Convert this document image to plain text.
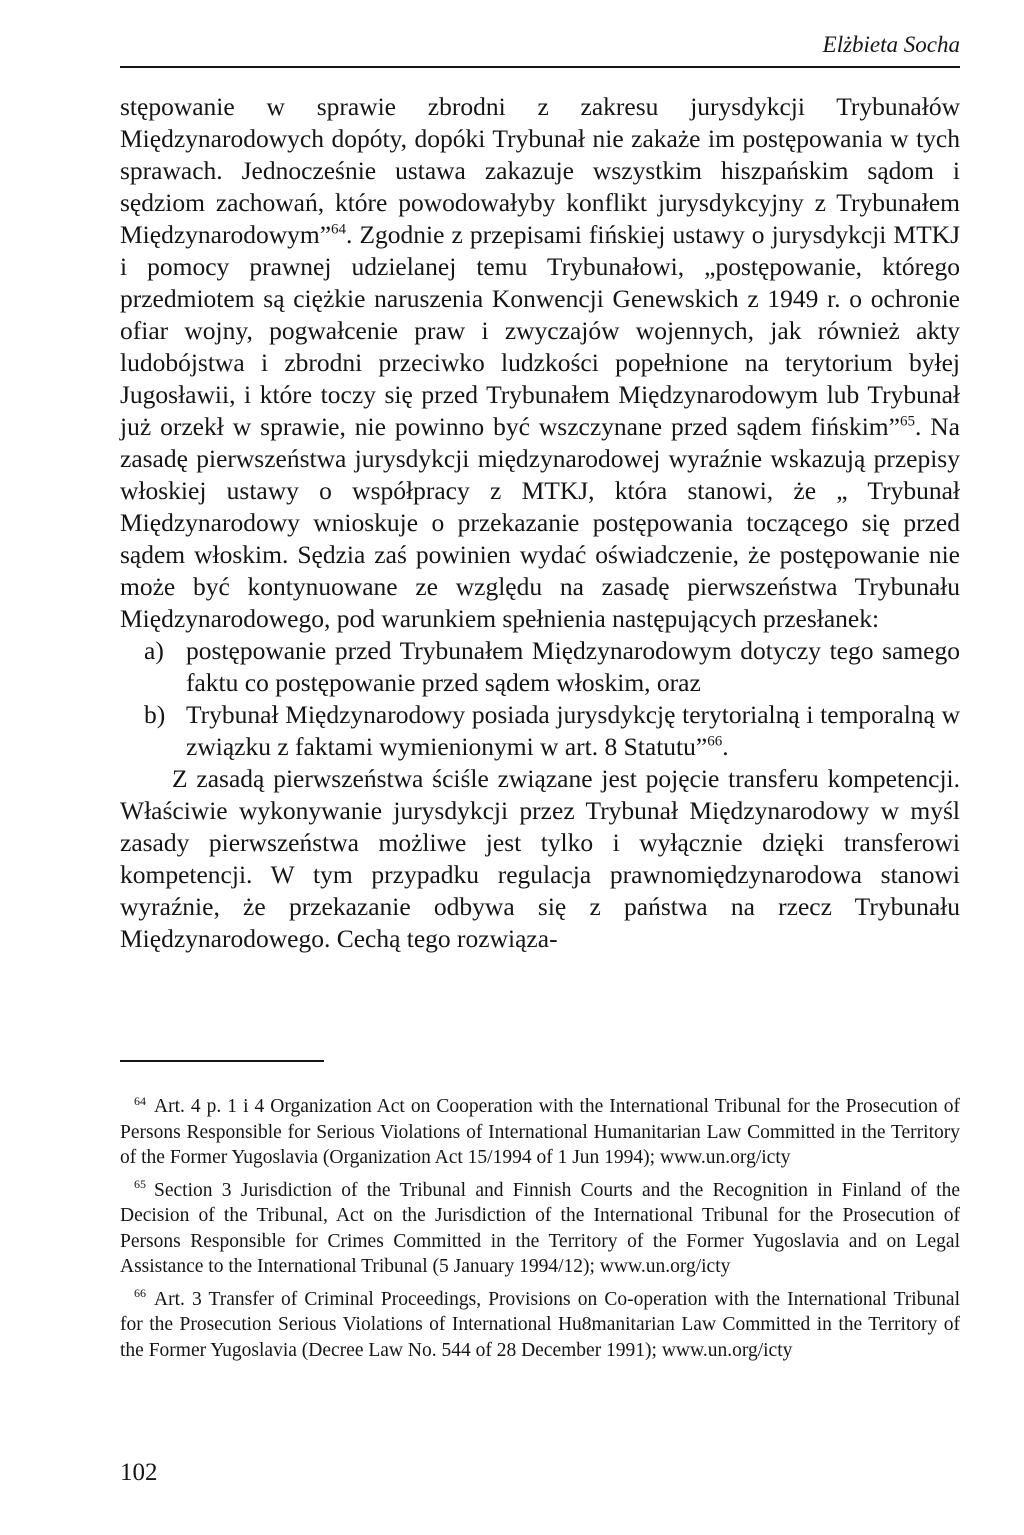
Elżbieta Socha

stępowanie w sprawie zbrodni z zakresu jurysdykcji Trybunałów Międzynarodowych dopóty, dopóki Trybunał nie zakaże im postępowania w tych sprawach. Jednocześnie ustawa zakazuje wszystkim hiszpańskim sądom i sędziom zachowań, które powodowałyby konflikt jurysdykcyjny z Trybunałem Międzynarodowym”$^{64}$. Zgodnie z przepisami fińskiej ustawy o jurysdykcji MTKJ i pomocy prawnej udzielanej temu Trybunałowi, „postępowanie, którego przedmiotem są ciężkie naruszenia Konwencji Genewskich z 1949 r. o ochronie ofiar wojny, pogwałcenie praw i zwyczajów wojennych, jak również akty ludobójstwa i zbrodni przeciwko ludzkości popełnione na terytorium byłej Jugosławii, i które toczy się przed Trybunałem Międzynarodowym lub Trybunał już orzekł w sprawie, nie powinno być wszczynane przed sądem fińskim”$^{65}$. Na zasadę pierwszeństwa jurysdykcji międzynarodowej wyraźnie wskazują przepisy włoskiej ustawy o współpracy z MTKJ, która stanowi, że „ Trybunał Międzynarodowy wnioskuje o przekazanie postępowania toczącego się przed sądem włoskim. Sędzia zaś powinien wydać oświadczenie, że postępowanie nie może być kontynuowane ze względu na zasadę pierwszeństwa Trybunału Międzynarodowego, pod warunkiem spełnienia następujących przesłanek:

a) postępowanie przed Trybunałem Międzynarodowym dotyczy tego samego faktu co postępowanie przed sądem włoskim, oraz
b) Trybunał Międzynarodowy posiada jurysdykcję terytorialną i temporalną w związku z faktami wymienionymi w art. 8 Statutu”$^{66}$.

Z zasadą pierwszeństwa ściśle związane jest pojęcie transferu kompetencji. Właściwie wykonywanie jurysdykcji przez Trybunał Międzynarodowy w myśl zasady pierwszeństwa możliwe jest tylko i wyłącznie dzięki transferowi kompetencji. W tym przypadku regulacja prawnomiędzynarodowa stanowi wyraźnie, że przekazanie odbywa się z państwa na rzecz Trybunału Międzynarodowego. Cechą tego rozwiąza-

$^{64}$ Art. 4 p. 1 i 4 Organization Act on Cooperation with the International Tribunal for the Prosecution of Persons Responsible for Serious Violations of International Humanitarian Law Committed in the Territory of the Former Yugoslavia (Organization Act 15/1994 of 1 Jun 1994); www.un.org/icty

$^{65}$ Section 3 Jurisdiction of the Tribunal and Finnish Courts and the Recognition in Finland of the Decision of the Tribunal, Act on the Jurisdiction of the International Tribunal for the Prosecution of Persons Responsible for Crimes Committed in the Territory of the Former Yugoslavia and on Legal Assistance to the International Tribunal (5 January 1994/12); www.un.org/icty

$^{66}$ Art. 3 Transfer of Criminal Proceedings, Provisions on Co-operation with the International Tribunal for the Prosecution Serious Violations of International Hu8manitarian Law Committed in the Territory of the Former Yugoslavia (Decree Law No. 544 of 28 December 1991); www.un.org/icty

102
